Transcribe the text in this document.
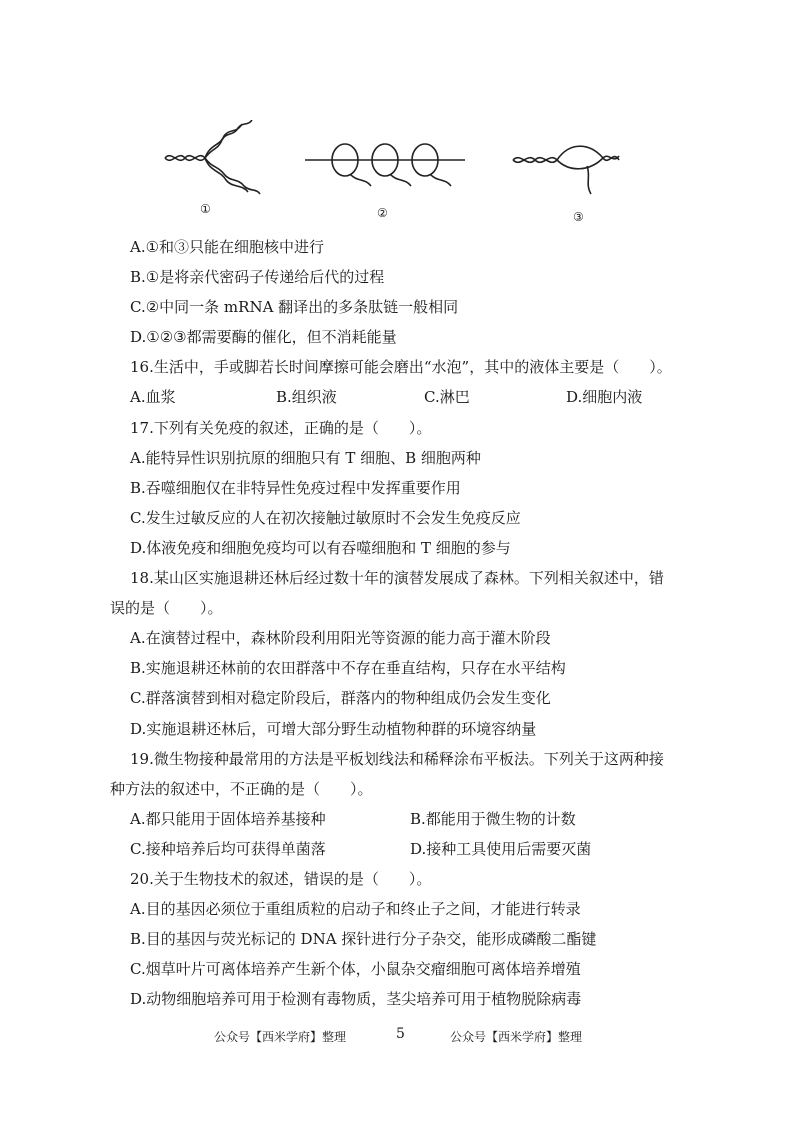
①	②	③
A.①和③只能在细胞核中进行
B.①是将亲代密码子传递给后代的过程
C.②中同一条 mRNA 翻译出的多条肽链一般相同
D.①②③都需要酶的催化，但不消耗能量
16.生活中，手或脚若长时间摩擦可能会磨出“水泡”，其中的液体主要是（　　）。
A.血浆	B.组织液	C.淋巴	D.细胞内液
17.下列有关免疫的叙述，正确的是（　　）。
A.能特异性识别抗原的细胞只有 T 细胞、B 细胞两种
B.吞噬细胞仅在非特异性免疫过程中发挥重要作用
C.发生过敏反应的人在初次接触过敏原时不会发生免疫反应
D.体液免疫和细胞免疫均可以有吞噬细胞和 T 细胞的参与
18.某山区实施退耕还林后经过数十年的演替发展成了森林。下列相关叙述中，错
误的是（　　）。
A.在演替过程中，森林阶段利用阳光等资源的能力高于灌木阶段
B.实施退耕还林前的农田群落中不存在垂直结构，只存在水平结构
C.群落演替到相对稳定阶段后，群落内的物种组成仍会发生变化
D.实施退耕还林后，可增大部分野生动植物种群的环境容纳量
19.微生物接种最常用的方法是平板划线法和稀释涂布平板法。下列关于这两种接
种方法的叙述中，不正确的是（　　）。
A.都只能用于固体培养基接种	B.都能用于微生物的计数
C.接种培养后均可获得单菌落	D.接种工具使用后需要灭菌
20.关于生物技术的叙述，错误的是（　　）。
A.目的基因必须位于重组质粒的启动子和终止子之间，才能进行转录
B.目的基因与荧光标记的 DNA 探针进行分子杂交，能形成磷酸二酯键
C.烟草叶片可离体培养产生新个体，小鼠杂交瘤细胞可离体培养增殖
D.动物细胞培养可用于检测有毒物质，茎尖培养可用于植物脱除病毒
公众号【西米学府】整理	5	公众号【西米学府】整理
